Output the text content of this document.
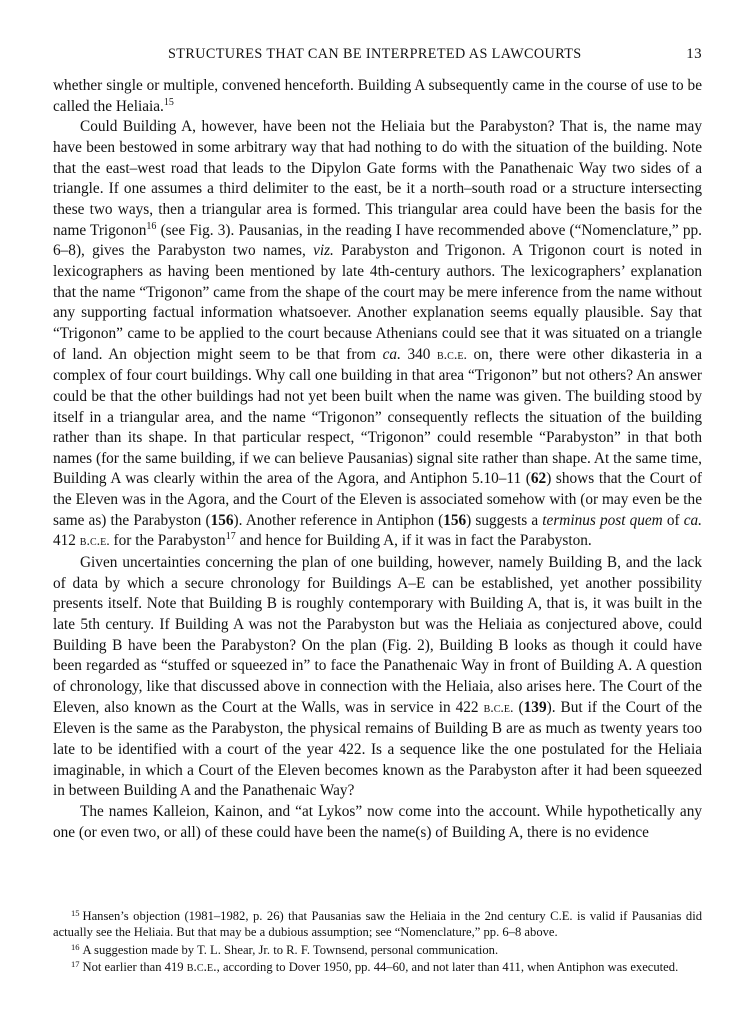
STRUCTURES THAT CAN BE INTERPRETED AS LAWCOURTS	13

whether single or multiple, convened henceforth. Building A subsequently came in the course of use to be called the Heliaia.$^{15}$

Could Building A, however, have been not the Heliaia but the Parabyston? That is, the name may have been bestowed in some arbitrary way that had nothing to do with the situation of the building. Note that the east–west road that leads to the Dipylon Gate forms with the Panathenaic Way two sides of a triangle. If one assumes a third delimiter to the east, be it a north–south road or a structure intersecting these two ways, then a triangular area is formed. This triangular area could have been the basis for the name Trigonon$^{16}$ (see Fig. 3). Pausanias, in the reading I have recommended above (“Nomenclature,” pp. 6–8), gives the Parabyston two names, viz. Parabyston and Trigonon. A Trigonon court is noted in lexicographers as having been mentioned by late 4th-century authors. The lexicographers’ explanation that the name “Trigonon” came from the shape of the court may be mere inference from the name without any supporting factual information whatsoever. Another explanation seems equally plausible. Say that “Trigonon” came to be applied to the court because Athenians could see that it was situated on a triangle of land. An objection might seem to be that from ca. 340 b.c.e. on, there were other dikasteria in a complex of four court buildings. Why call one building in that area “Trigonon” but not others? An answer could be that the other buildings had not yet been built when the name was given. The building stood by itself in a triangular area, and the name “Trigonon” consequently reflects the situation of the building rather than its shape. In that particular respect, “Trigonon” could resemble “Parabyston” in that both names (for the same building, if we can believe Pausanias) signal site rather than shape. At the same time, Building A was clearly within the area of the Agora, and Antiphon 5.10–11 (62) shows that the Court of the Eleven was in the Agora, and the Court of the Eleven is associated somehow with (or may even be the same as) the Parabyston (156). Another reference in Antiphon (156) suggests a terminus post quem of ca. 412 b.c.e. for the Parabyston$^{17}$ and hence for Building A, if it was in fact the Parabyston.

Given uncertainties concerning the plan of one building, however, namely Building B, and the lack of data by which a secure chronology for Buildings A–E can be established, yet another possibility presents itself. Note that Building B is roughly contemporary with Building A, that is, it was built in the late 5th century. If Building A was not the Parabyston but was the Heliaia as conjectured above, could Building B have been the Parabyston? On the plan (Fig. 2), Building B looks as though it could have been regarded as “stuffed or squeezed in” to face the Panathenaic Way in front of Building A. A question of chronology, like that discussed above in connection with the Heliaia, also arises here. The Court of the Eleven, also known as the Court at the Walls, was in service in 422 b.c.e. (139). But if the Court of the Eleven is the same as the Parabyston, the physical remains of Building B are as much as twenty years too late to be identified with a court of the year 422. Is a sequence like the one postulated for the Heliaia imaginable, in which a Court of the Eleven becomes known as the Parabyston after it had been squeezed in between Building A and the Panathenaic Way?

The names Kalleion, Kainon, and “at Lykos” now come into the account. While hypothetically any one (or even two, or all) of these could have been the name(s) of Building A, there is no evidence

$^{15}$ Hansen’s objection (1981–1982, p. 26) that Pausanias saw the Heliaia in the 2nd century C.E. is valid if Pausanias did actually see the Heliaia. But that may be a dubious assumption; see “Nomenclature,” pp. 6–8 above.

$^{16}$ A suggestion made by T. L. Shear, Jr. to R. F. Townsend, personal communication.

$^{17}$ Not earlier than 419 b.c.e., according to Dover 1950, pp. 44–60, and not later than 411, when Antiphon was executed.
